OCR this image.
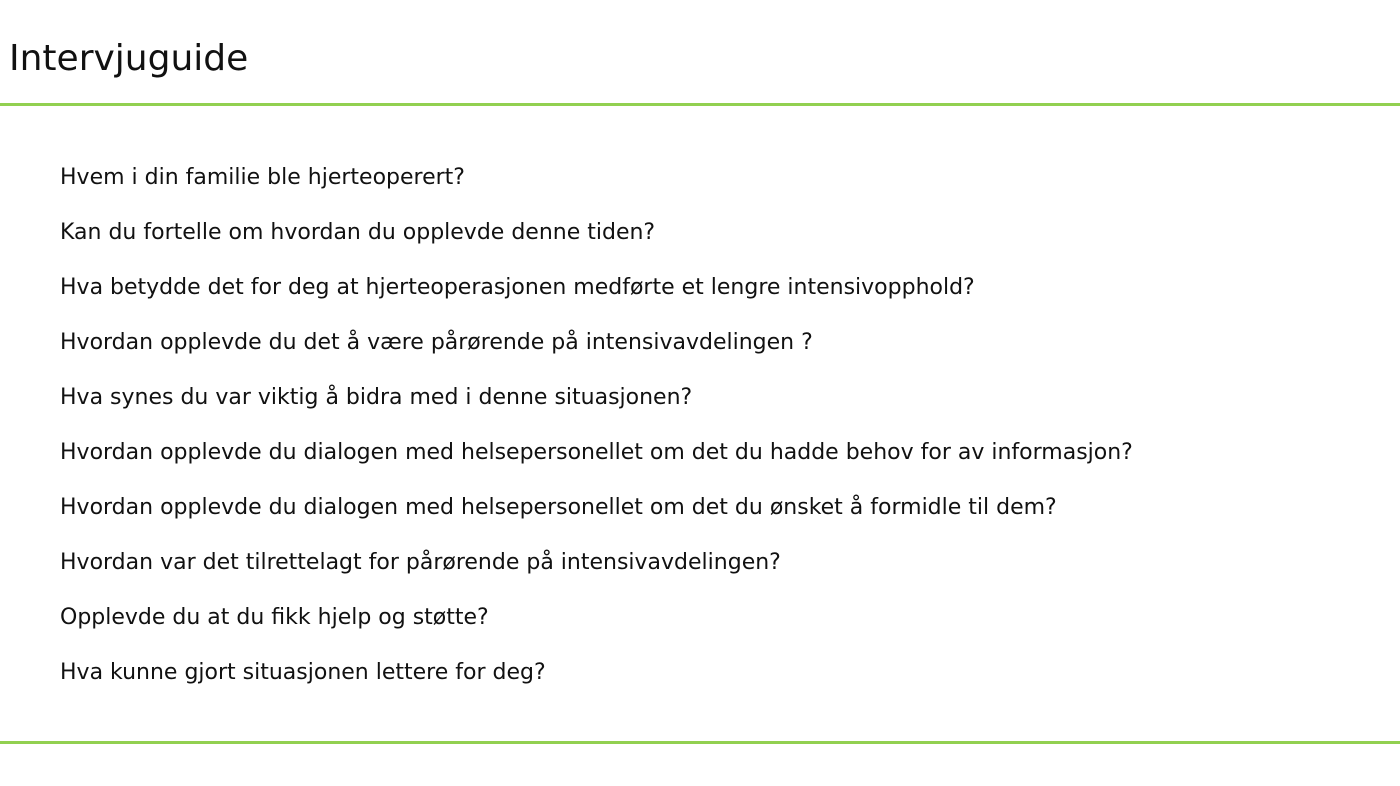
Intervjuguide
Hvem i din familie ble hjerteoperert?
Kan du fortelle om hvordan du opplevde denne tiden?
Hva betydde det for deg at hjerteoperasjonen medførte et lengre intensivopphold?
Hvordan opplevde du det å være pårørende på intensivavdelingen ?
Hva synes du var viktig å bidra med i denne situasjonen?
Hvordan opplevde du dialogen med helsepersonellet om det du hadde behov for av informasjon?
Hvordan opplevde du dialogen med helsepersonellet om det du ønsket å formidle til dem?
Hvordan var det tilrettelagt for pårørende på intensivavdelingen?
Opplevde du at du fikk hjelp og støtte?
Hva kunne gjort situasjonen lettere for deg?
